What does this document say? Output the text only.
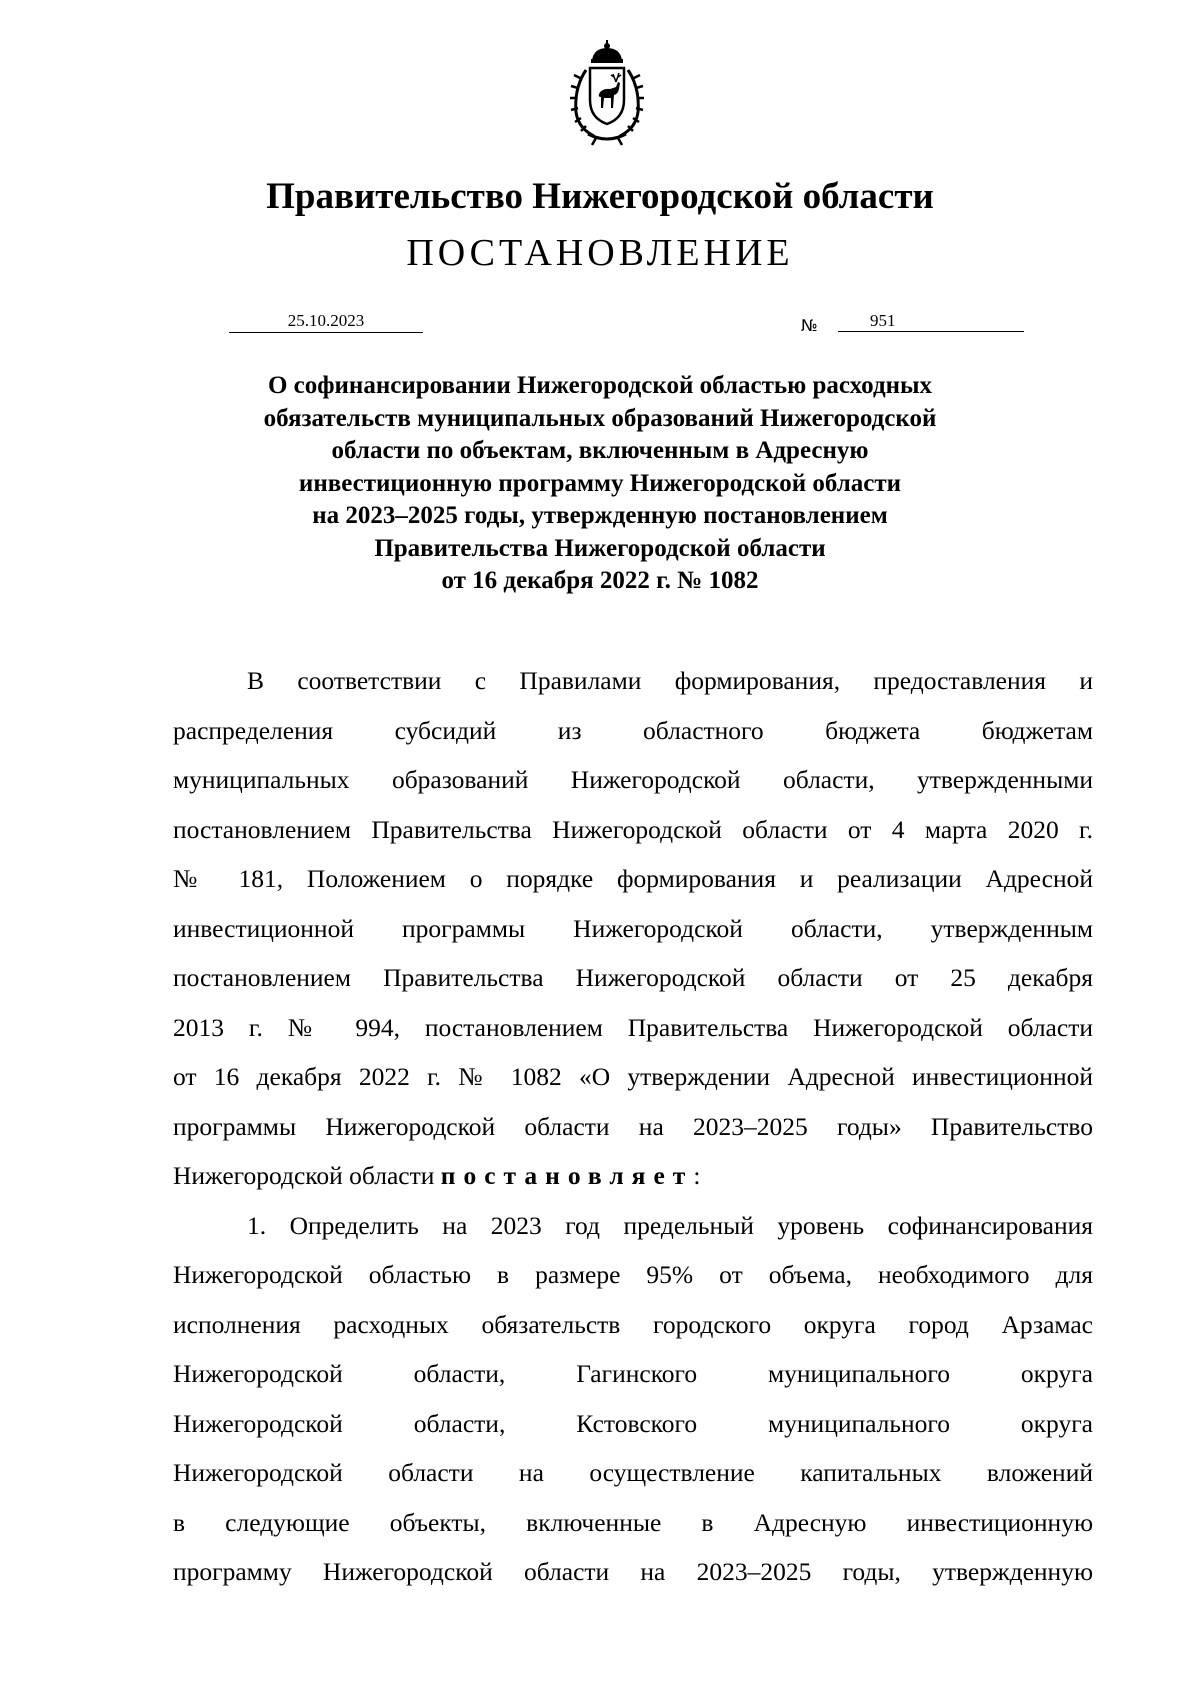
Правительство Нижегородской области
ПОСТАНОВЛЕНИЕ
25.10.2023	№	951
О софинансировании Нижегородской областью расходных
обязательств муниципальных образований Нижегородской
области по объектам, включенным в Адресную
инвестиционную программу Нижегородской области
на 2023–2025 годы, утвержденную постановлением
Правительства Нижегородской области
от 16 декабря 2022 г. № 1082
В соответствии с Правилами формирования, предоставления и
распределения субсидий из областного бюджета бюджетам
муниципальных образований Нижегородской области, утвержденными
постановлением Правительства Нижегородской области от 4 марта 2020 г.
№ 181, Положением о порядке формирования и реализации Адресной
инвестиционной программы Нижегородской области, утвержденным
постановлением Правительства Нижегородской области от 25 декабря
2013 г. № 994, постановлением Правительства Нижегородской области
от 16 декабря 2022 г. № 1082 «О утверждении Адресной инвестиционной
программы Нижегородской области на 2023–2025 годы» Правительство
Нижегородской области постановляет:
1. Определить на 2023 год предельный уровень софинансирования
Нижегородской областью в размере 95% от объема, необходимого для
исполнения расходных обязательств городского округа город Арзамас
Нижегородской области, Гагинского муниципального округа
Нижегородской области, Кстовского муниципального округа
Нижегородской области на осуществление капитальных вложений
в следующие объекты, включенные в Адресную инвестиционную
программу Нижегородской области на 2023–2025 годы, утвержденную
